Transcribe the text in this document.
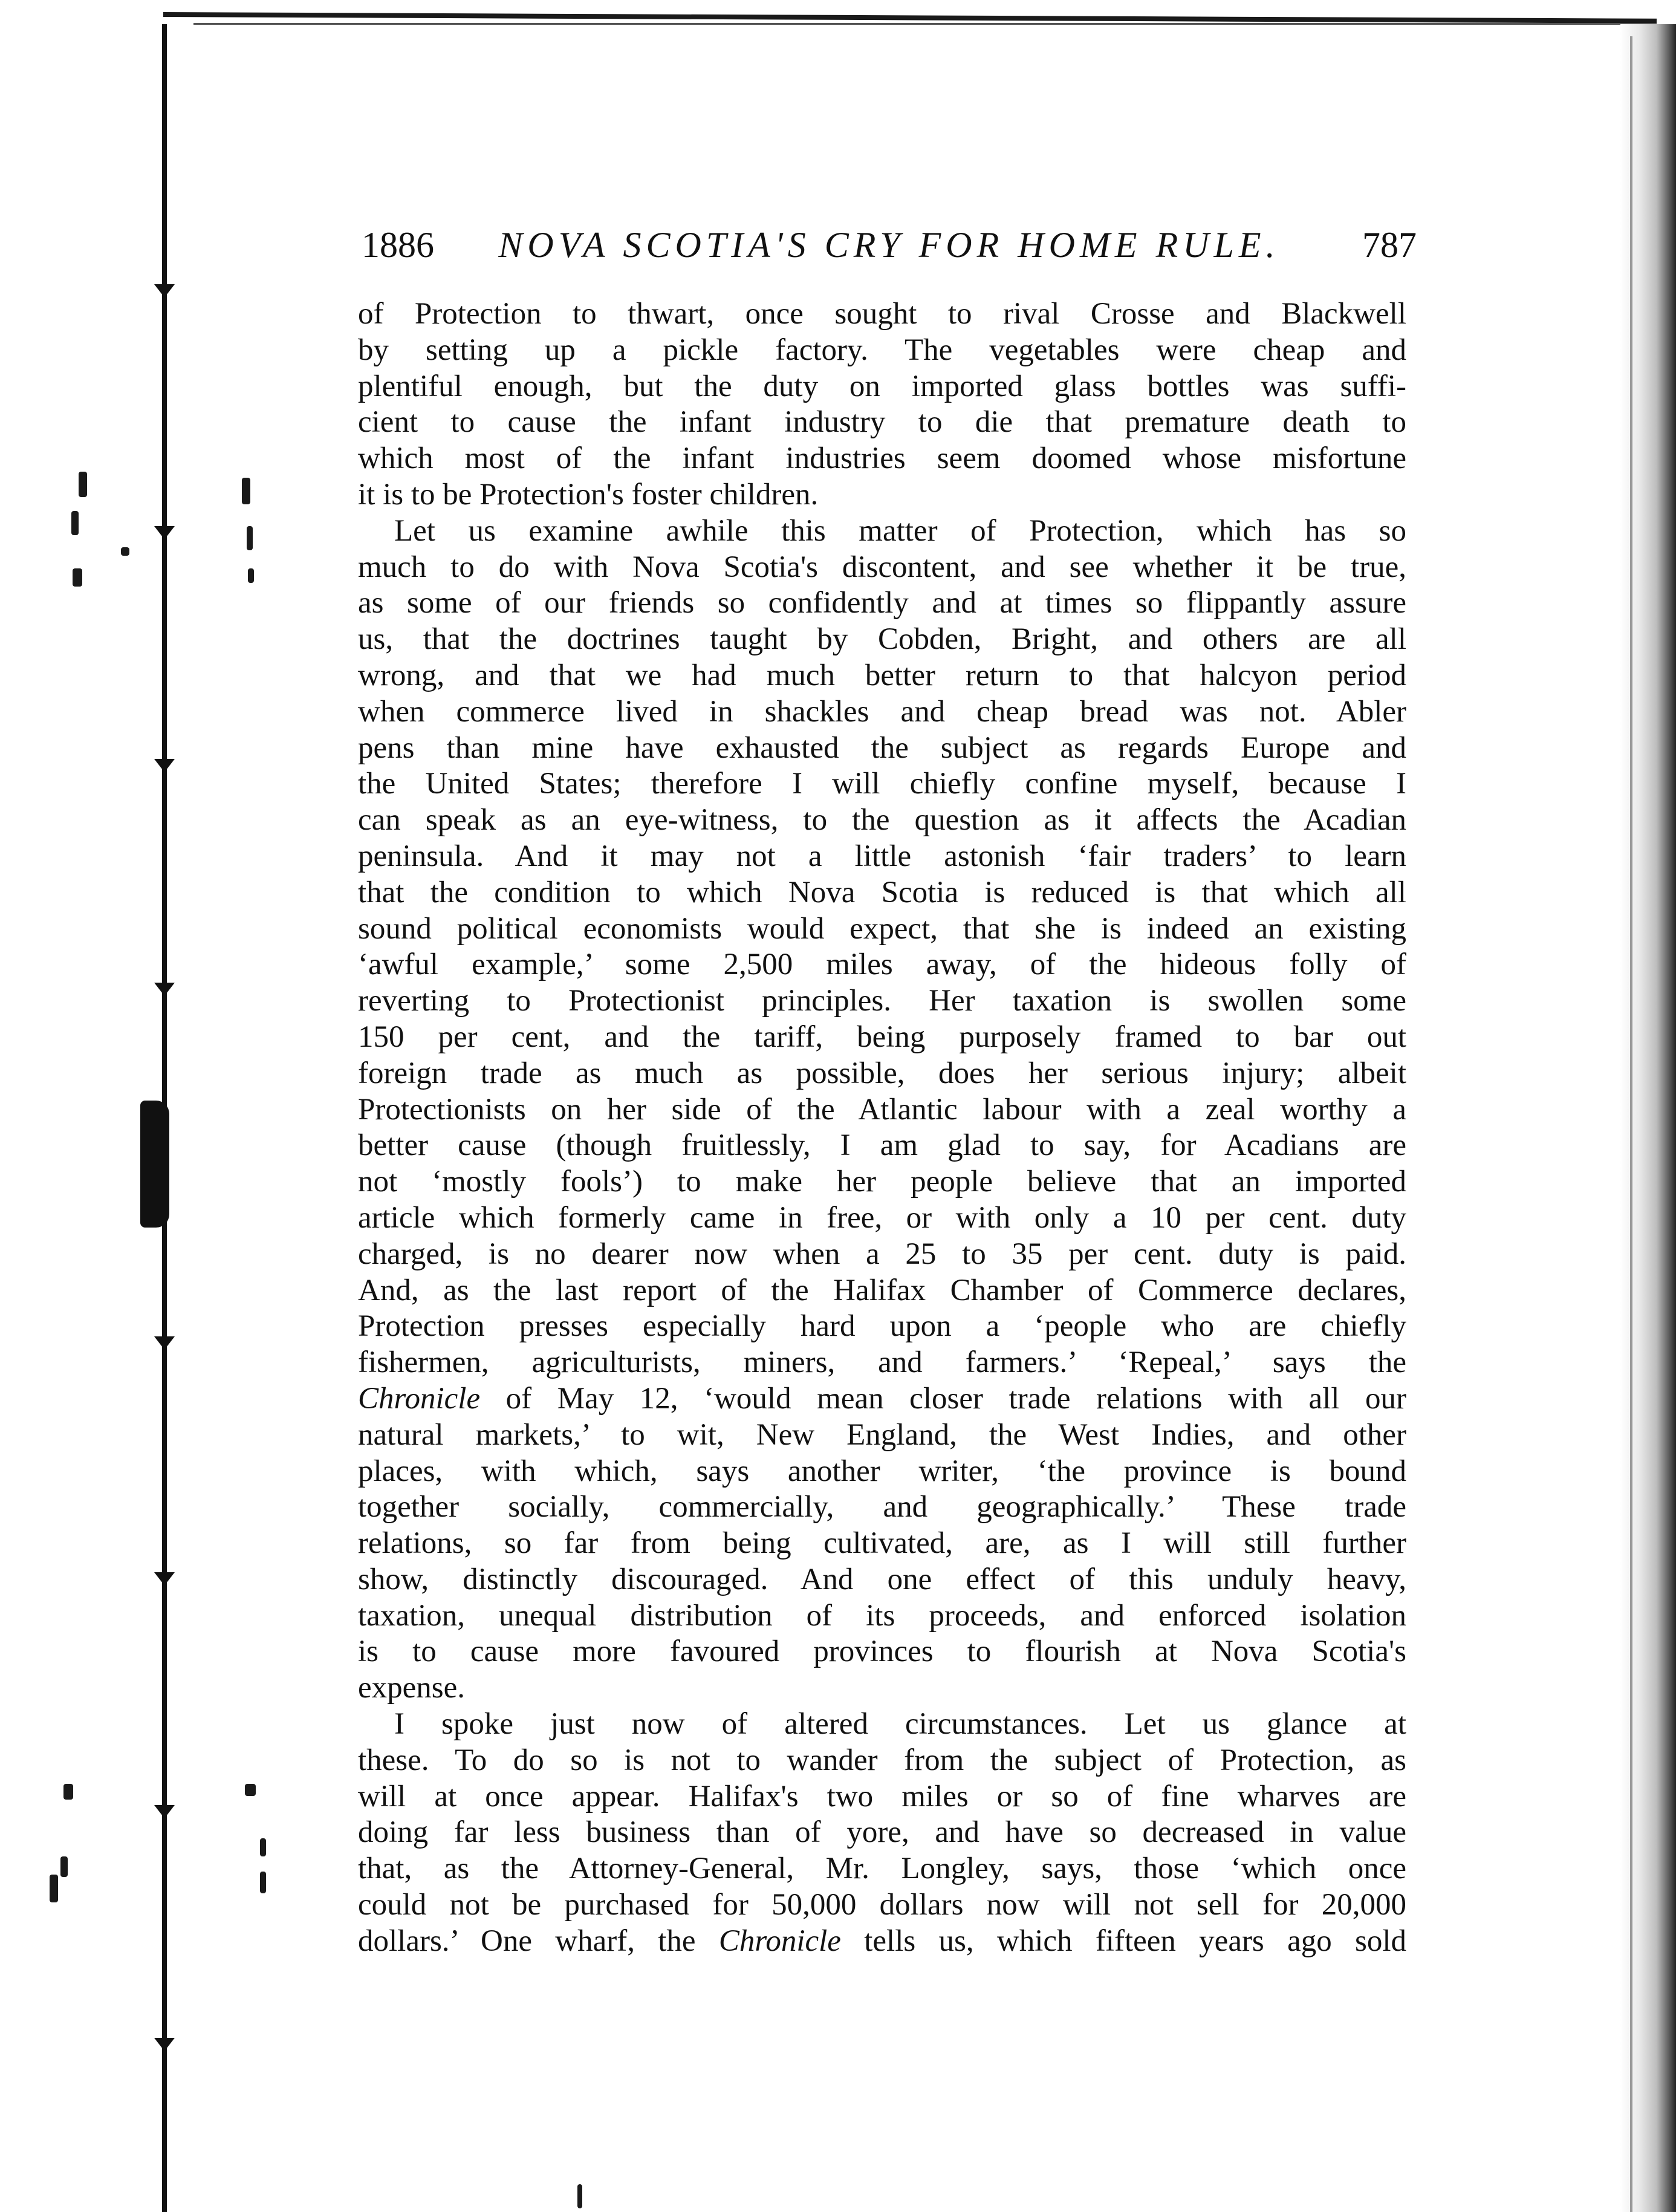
1886	NOVA SCOTIA'S CRY FOR HOME RULE.	787
of Protection to thwart, once sought to rival Crosse and Blackwell
by setting up a pickle factory. The vegetables were cheap and
plentiful enough, but the duty on imported glass bottles was suffi-
cient to cause the infant industry to die that premature death to
which most of the infant industries seem doomed whose misfortune
it is to be Protection's foster children.
Let us examine awhile this matter of Protection, which has so
much to do with Nova Scotia's discontent, and see whether it be true,
as some of our friends so confidently and at times so flippantly assure
us, that the doctrines taught by Cobden, Bright, and others are all
wrong, and that we had much better return to that halcyon period
when commerce lived in shackles and cheap bread was not. Abler
pens than mine have exhausted the subject as regards Europe and
the United States; therefore I will chiefly confine myself, because I
can speak as an eye-witness, to the question as it affects the Acadian
peninsula. And it may not a little astonish ‘fair traders’ to learn
that the condition to which Nova Scotia is reduced is that which all
sound political economists would expect, that she is indeed an existing
‘awful example,’ some 2,500 miles away, of the hideous folly of
reverting to Protectionist principles. Her taxation is swollen some
150 per cent, and the tariff, being purposely framed to bar out
foreign trade as much as possible, does her serious injury; albeit
Protectionists on her side of the Atlantic labour with a zeal worthy a
better cause (though fruitlessly, I am glad to say, for Acadians are
not ‘mostly fools’) to make her people believe that an imported
article which formerly came in free, or with only a 10 per cent. duty
charged, is no dearer now when a 25 to 35 per cent. duty is paid.
And, as the last report of the Halifax Chamber of Commerce declares,
Protection presses especially hard upon a ‘people who are chiefly
fishermen, agriculturists, miners, and farmers.’ ‘Repeal,’ says the
Chronicle of May 12, ‘would mean closer trade relations with all our
natural markets,’ to wit, New England, the West Indies, and other
places, with which, says another writer, ‘the province is bound
together socially, commercially, and geographically.’ These trade
relations, so far from being cultivated, are, as I will still further
show, distinctly discouraged. And one effect of this unduly heavy,
taxation, unequal distribution of its proceeds, and enforced isolation
is to cause more favoured provinces to flourish at Nova Scotia's
expense.
I spoke just now of altered circumstances. Let us glance at
these. To do so is not to wander from the subject of Protection, as
will at once appear. Halifax's two miles or so of fine wharves are
doing far less business than of yore, and have so decreased in value
that, as the Attorney-General, Mr. Longley, says, those ‘which once
could not be purchased for 50,000 dollars now will not sell for 20,000
dollars.’ One wharf, the Chronicle tells us, which fifteen years ago sold
